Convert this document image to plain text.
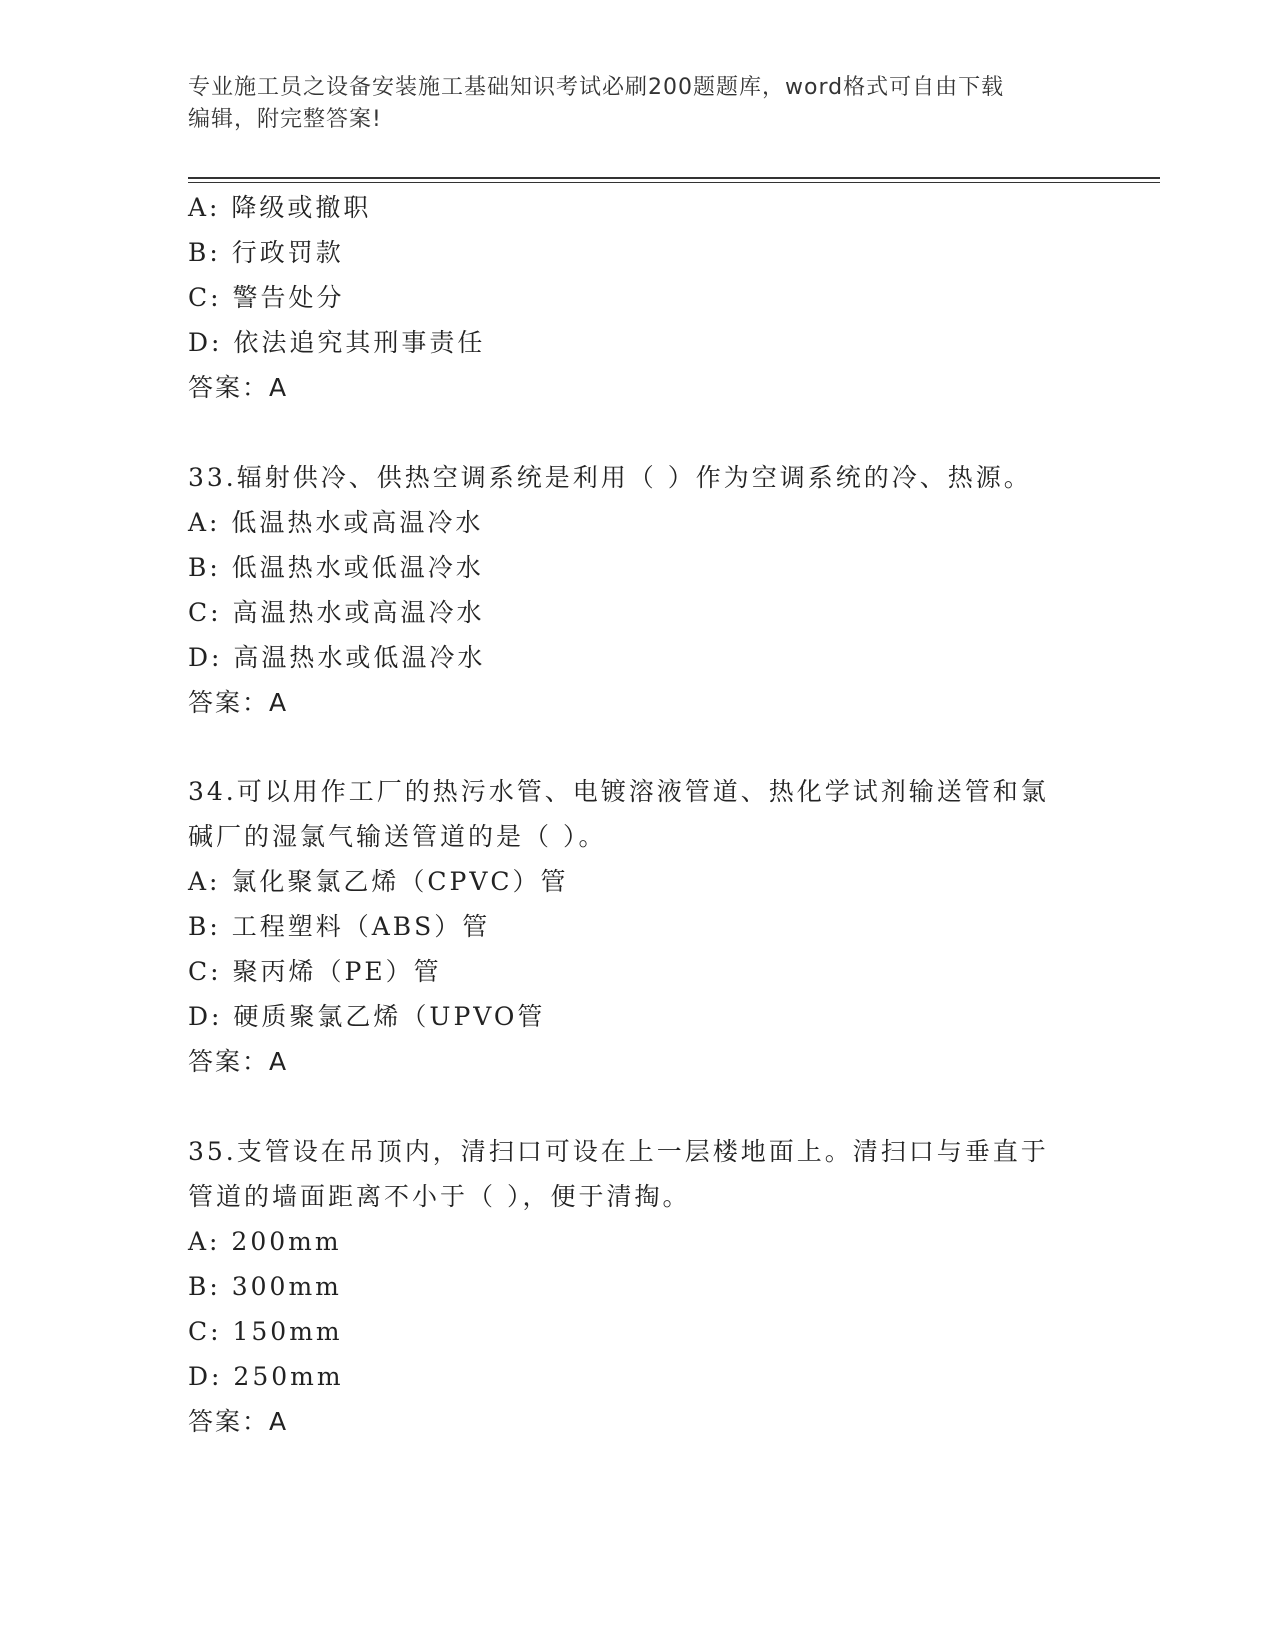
专业施工员之设备安装施工基础知识考试必刷200题题库，word格式可自由下载
编辑，附完整答案!
A: 降级或撤职
B: 行政罚款
C: 警告处分
D: 依法追究其刑事责任
答案：A
33.辐射供冷、供热空调系统是利用（ ）作为空调系统的冷、热源。
A: 低温热水或高温冷水
B: 低温热水或低温冷水
C: 高温热水或高温冷水
D: 高温热水或低温冷水
答案：A
34.可以用作工厂的热污水管、电镀溶液管道、热化学试剂输送管和氯
碱厂的湿氯气输送管道的是（ ）。
A: 氯化聚氯乙烯（CPVC）管
B: 工程塑料（ABS）管
C: 聚丙烯（PE）管
D: 硬质聚氯乙烯（UPVO管
答案：A
35.支管设在吊顶内，清扫口可设在上一层楼地面上。清扫口与垂直于
管道的墙面距离不小于（ ），便于清掏。
A: 200mm
B: 300mm
C: 150mm
D: 250mm
答案：A
